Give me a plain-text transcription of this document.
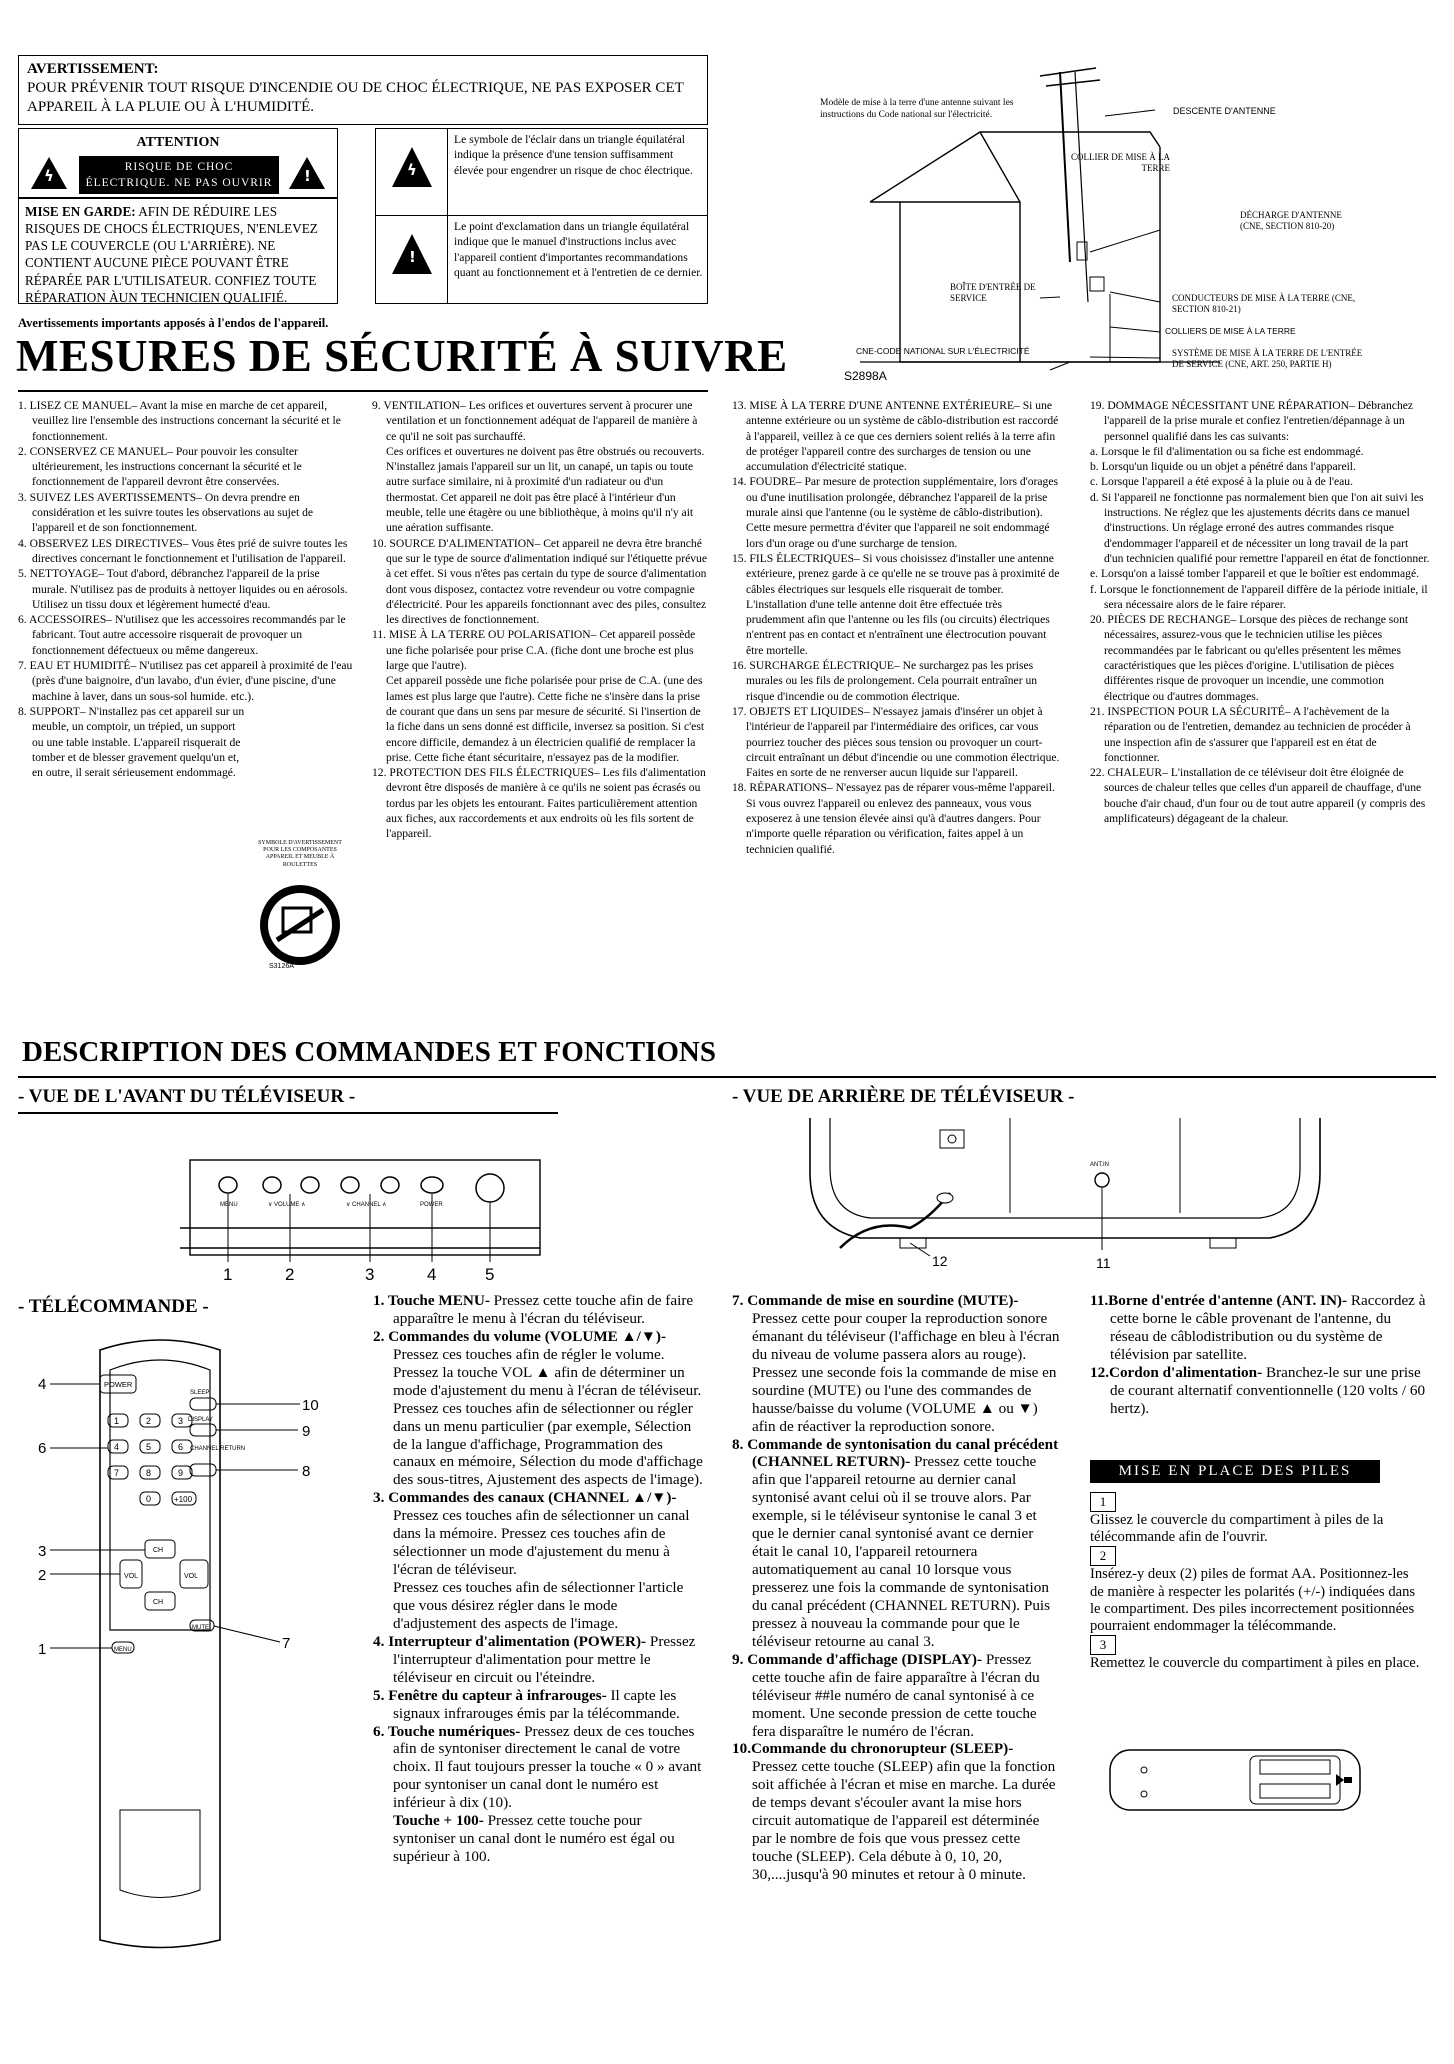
AVERTISSEMENT:
POUR PRÉVENIR TOUT RISQUE D'INCENDIE OU DE CHOC ÉLECTRIQUE, NE PAS EXPOSER CET APPAREIL À LA PLUIE OU À L'HUMIDITÉ.
ATTENTION
ϟ	RISQUE DE CHOC
ÉLECTRIQUE. NE PAS OUVRIR	!
MISE EN GARDE: AFIN DE RÉDUIRE LES RISQUES DE CHOCS ÉLECTRIQUES, N'ENLEVEZ PAS LE COUVERCLE (OU L'ARRIÈRE). NE CONTIENT AUCUNE PIÈCE POUVANT ÊTRE RÉPARÉE PAR L'UTILISATEUR. CONFIEZ TOUTE RÉPARATION ÀUN TECHNICIEN QUALIFIÉ.
ϟ
Le symbole de l'éclair dans un triangle équilatéral indique la présence d'une tension suffisamment élevée pour engendrer un risque de choc électrique.
!
Le point d'exclamation dans un triangle équilatéral indique que le manuel d'instructions inclus avec l'appareil contient d'importantes recommandations quant au fonctionnement et à l'entretien de ce dernier.
Avertissements importants apposés à l'endos de l'appareil.
MESURES DE SÉCURITÉ À SUIVRE
Modèle de mise à la terre d'une antenne suivant les instructions du Code national sur l'électricité.	DESCENTE D'ANTENNE
COLLIERS DE MISE À LA TERRE
CNE-CODE NATIONAL SUR L'ÉLECTRICITÉ
S2898A
COLLIER DE MISE À LA TERRE
DÉCHARGE D'ANTENNE (CNE, SECTION 810-20)
BOÎTE D'ENTRÉE DE SERVICE	CONDUCTEURS DE MISE À LA TERRE (CNE, SECTION 810-21)
SYSTÈME DE MISE À LA TERRE DE L'ENTRÉE DE SERVICE (CNE, ART. 250, PARTIE H)

1. LISEZ CE MANUEL– Avant la mise en marche de cet appareil, veuillez lire l'ensemble des instructions concernant la sécurité et le fonctionnement.

2. CONSERVEZ CE MANUEL– Pour pouvoir les consulter ultérieurement, les instructions concernant la sécurité et le fonctionnement de l'appareil devront être conservées.

3. SUIVEZ LES AVERTISSEMENTS– On devra prendre en considération et les suivre toutes les observations au sujet de l'appareil et de son fonctionnement.

4. OBSERVEZ LES DIRECTIVES– Vous êtes prié de suivre toutes les directives concernant le fonctionnement et l'utilisation de l'appareil.

5. NETTOYAGE– Tout d'abord, débranchez l'appareil de la prise murale. N'utilisez pas de produits à nettoyer liquides ou en aérosols. Utilisez un tissu doux et légèrement humecté d'eau.

6. ACCESSOIRES– N'utilisez que les accessoires recommandés par le fabricant. Tout autre accessoire risquerait de provoquer un fonctionnement défectueux ou même dangereux.

7. EAU ET HUMIDITÉ– N'utilisez pas cet appareil à proximité de l'eau (près d'une baignoire, d'un lavabo, d'un évier, d'une piscine, d'une machine à laver, dans un sous-sol humide. etc.).

8. SUPPORT– N'installez pas cet appareil sur un meuble, un comptoir, un trépied, un support ou une table instable. L'appareil risquerait de tomber et de blesser gravement quelqu'un et, en outre, il serait sérieusement endommagé.

SYMBOLE D'AVERTISSEMENT POUR LES COMPOSANTES APPAREIL ET MEUBLE À ROULETTES
S3126A

9. VENTILATION– Les orifices et ouvertures servent à procurer une ventilation et un fonctionnement adéquat de l'appareil de manière à ce qu'il ne soit pas surchauffé.

Ces orifices et ouvertures ne doivent pas être obstrués ou recouverts.

N'installez jamais l'appareil sur un lit, un canapé, un tapis ou toute autre surface similaire, ni à proximité d'un radiateur ou d'un thermostat. Cet appareil ne doit pas être placé à l'intérieur d'un meuble, telle une étagère ou une bibliothèque, à moins qu'il n'y ait une aération suffisante.

10. SOURCE D'ALIMENTATION– Cet appareil ne devra être branché que sur le type de source d'alimentation indiqué sur l'étiquette prévue à cet effet. Si vous n'êtes pas certain du type de source d'alimentation dont vous disposez, contactez votre revendeur ou votre compagnie d'électricité. Pour les appareils fonctionnant avec des piles, consultez les directives de fonctionnement.

11. MISE À LA TERRE OU POLARISATION– Cet appareil possède une fiche polarisée pour prise C.A. (fiche dont une broche est plus large que l'autre).

Cet appareil possède une fiche polarisée pour prise de C.A. (une des lames est plus large que l'autre). Cette fiche ne s'insère dans la prise de courant que dans un sens par mesure de sécurité. Si l'insertion de la fiche dans un sens donné est difficile, inversez sa position. Si c'est encore difficile, demandez à un électricien qualifié de remplacer la prise. Cette fiche étant sécuritaire, n'essayez pas de la modifier.

12. PROTECTION DES FILS ÉLECTRIQUES– Les fils d'alimentation devront être disposés de manière à ce qu'ils ne soient pas écrasés ou tordus par les objets les entourant. Faites particulièrement attention aux fiches, aux raccordements et aux endroits où les fils sortent de l'appareil.

13. MISE À LA TERRE D'UNE ANTENNE EXTÉRIEURE– Si une antenne extérieure ou un système de câblo-distribution est raccordé à l'appareil, veillez à ce que ces derniers soient reliés à la terre afin de protéger l'appareil contre des surcharges de tension ou une accumulation d'électricité statique.

14. FOUDRE– Par mesure de protection supplémentaire, lors d'orages ou d'une inutilisation prolongée, débranchez l'appareil de la prise murale ainsi que l'antenne (ou le système de câblo-distribution). Cette mesure permettra d'éviter que l'appareil ne soit endommagé lors d'un orage ou d'une surcharge de tension.

15. FILS ÉLECTRIQUES– Si vous choisissez d'installer une antenne extérieure, prenez garde à ce qu'elle ne se trouve pas à proximité de câbles électriques sur lesquels elle risquerait de tomber.

L'installation d'une telle antenne doit être effectuée très prudemment afin que l'antenne ou les fils (ou circuits) électriques n'entrent pas en contact et n'entraînent une électrocution pouvant être mortelle.

16. SURCHARGE ÉLECTRIQUE– Ne surchargez pas les prises murales ou les fils de prolongement. Cela pourrait entraîner un risque d'incendie ou de commotion électrique.

17. OBJETS ET LIQUIDES– N'essayez jamais d'insérer un objet à l'intérieur de l'appareil par l'intermédiaire des orifices, car vous pourriez toucher des pièces sous tension ou provoquer un court-circuit entraînant un début d'incendie ou une commotion électrique. Faites en sorte de ne renverser aucun liquide sur l'appareil.

18. RÉPARATIONS– N'essayez pas de réparer vous-même l'appareil. Si vous ouvrez l'appareil ou enlevez des panneaux, vous vous exposerez à une tension élevée ainsi qu'à d'autres dangers. Pour n'importe quelle réparation ou vérification, faites appel à un technicien qualifié.

19. DOMMAGE NÉCESSITANT UNE RÉPARATION– Débranchez l'appareil de la prise murale et confiez l'entretien/dépannage à un personnel qualifié dans les cas suivants:

a. Lorsque le fil d'alimentation ou sa fiche est endommagé.

b. Lorsqu'un liquide ou un objet a pénétré dans l'appareil.

c. Lorsque l'appareil a été exposé à la pluie ou à de l'eau.

d. Si l'appareil ne fonctionne pas normalement bien que l'on ait suivi les instructions. Ne réglez que les ajustements décrits dans ce manuel d'instructions. Un réglage erroné des autres commandes risque d'endommager l'appareil et de nécessiter un long travail de la part d'un technicien qualifié pour remettre l'appareil en état de fonctionner.

e. Lorsqu'on a laissé tomber l'appareil et que le boîtier est endommagé.

f. Lorsque le fonctionnement de l'appareil diffère de la période initiale, il sera nécessaire alors de le faire réparer.

20. PIÈCES DE RECHANGE– Lorsque des pièces de rechange sont nécessaires, assurez-vous que le technicien utilise les pièces recommandées par le fabricant ou qu'elles présentent les mêmes caractéristiques que les pièces d'origine. L'utilisation de pièces différentes risque de provoquer un incendie, une commotion électrique ou d'autres dommages.

21. INSPECTION POUR LA SÉCURITÉ– A l'achèvement de la réparation ou de l'entretien, demandez au technicien de procéder à une inspection afin de s'assurer que l'appareil est en état de fonctionner.

22. CHALEUR– L'installation de ce téléviseur doit être éloignée de sources de chaleur telles que celles d'un appareil de chauffage, d'une bouche d'air chaud, d'un four ou de tout autre appareil (y compris des amplificateurs) dégageant de la chaleur.

DESCRIPTION DES COMMANDES ET FONCTIONS
- VUE DE L'AVANT DU TÉLÉVISEUR -	- VUE DE ARRIÈRE DE TÉLÉVISEUR -
MENU	∨ VOLUME ∧	∨ CHANNEL ∧	POWER
1	2	3	4	5
ANT.IN
11
12
- TÉLÉCOMMANDE -
POWER
SLEEP
DISPLAY
1	2	3
4	5	6
7	8	9
0	+100
CHANNEL RETURN
VOL
CH
CH
VOL
MENU
MUTE
4
6
10
9
8
3
2
7
1
1. Touche MENU- Pressez cette touche afin de faire apparaître le menu à l'écran du téléviseur.
2. Commandes du volume (VOLUME ▲/▼)- Pressez ces touches afin de régler le volume.
Pressez la touche VOL ▲ afin de déterminer un mode d'ajustement du menu à l'écran de téléviseur.
Pressez ces touches afin de sélectionner ou régler dans un menu particulier (par exemple, Sélection de la langue d'affichage, Programmation des canaux en mémoire, Sélection du mode d'affichage des sous-titres, Ajustement des aspects de l'image).
3. Commandes des canaux (CHANNEL ▲/▼)- Pressez ces touches afin de sélectionner un canal dans la mémoire. Pressez ces touches afin de sélectionner un mode d'ajustement du menu à l'écran de téléviseur.
Pressez ces touches afin de sélectionner l'article que vous désirez régler dans le mode d'adjustement des aspects de l'image.
4. Interrupteur d'alimentation (POWER)- Pressez l'interrupteur d'alimentation pour mettre le téléviseur en circuit ou l'éteindre.
5. Fenêtre du capteur à infrarouges- Il capte les signaux infrarouges émis par la télécommande.
6. Touche numériques- Pressez deux de ces touches afin de syntoniser directement le canal de votre choix. Il faut toujours presser la touche « 0 » avant pour syntoniser un canal dont le numéro est inférieur à dix (10).
Touche + 100- Pressez cette touche pour syntoniser un canal dont le numéro est égal ou supérieur à 100.
7. Commande de mise en sourdine (MUTE)- Pressez cette pour couper la reproduction sonore émanant du téléviseur (l'affichage en bleu à l'écran du niveau de volume passera alors au rouge). Pressez une seconde fois la commande de mise en sourdine (MUTE) ou l'une des commandes de hausse/baisse du volume (VOLUME ▲ ou ▼) afin de réactiver la reproduction sonore.
8. Commande de syntonisation du canal précédent (CHANNEL RETURN)- Pressez cette touche afin que l'appareil retourne au dernier canal syntonisé avant celui où il se trouve alors. Par exemple, si le téléviseur syntonise le canal 3 et que le dernier canal syntonisé avant ce dernier était le canal 10, l'appareil retournera automatiquement au canal 10 lorsque vous presserez une fois la commande de syntonisation du canal précédent (CHANNEL RETURN). Puis pressez à nouveau la commande pour que le téléviseur retourne au canal 3.
9. Commande d'affichage (DISPLAY)- Pressez cette touche afin de faire apparaître à l'écran du téléviseur ##le numéro de canal syntonisé à ce moment. Une seconde pression de cette touche fera disparaître le numéro de l'écran.
10.Commande du chronorupteur (SLEEP)- Pressez cette touche (SLEEP) afin que la fonction soit affichée à l'écran et mise en marche. La durée de temps devant s'écouler avant la mise hors circuit automatique de l'appareil est déterminée par le nombre de fois que vous pressez cette touche (SLEEP). Cela débute à 0, 10, 20, 30,....jusqu'à 90 minutes et retour à 0 minute.
11.Borne d'entrée d'antenne (ANT. IN)- Raccordez à cette borne le câble provenant de l'antenne, du réseau de câblodistribution ou du système de télévision par satellite.
12.Cordon d'alimentation- Branchez-le sur une prise de courant alternatif conventionnelle (120 volts / 60 hertz).
MISE EN PLACE DES PILES
1
Glissez le couvercle du compartiment à piles de la télécommande afin de l'ouvrir.
2
Insérez-y deux (2) piles de format AA. Positionnez-les de manière à respecter les polarités (+/-) indiquées dans le compartiment. Des piles incorrectement positionnées pourraient endommager la télécommande.
3
Remettez le couvercle du compartiment à piles en place.
